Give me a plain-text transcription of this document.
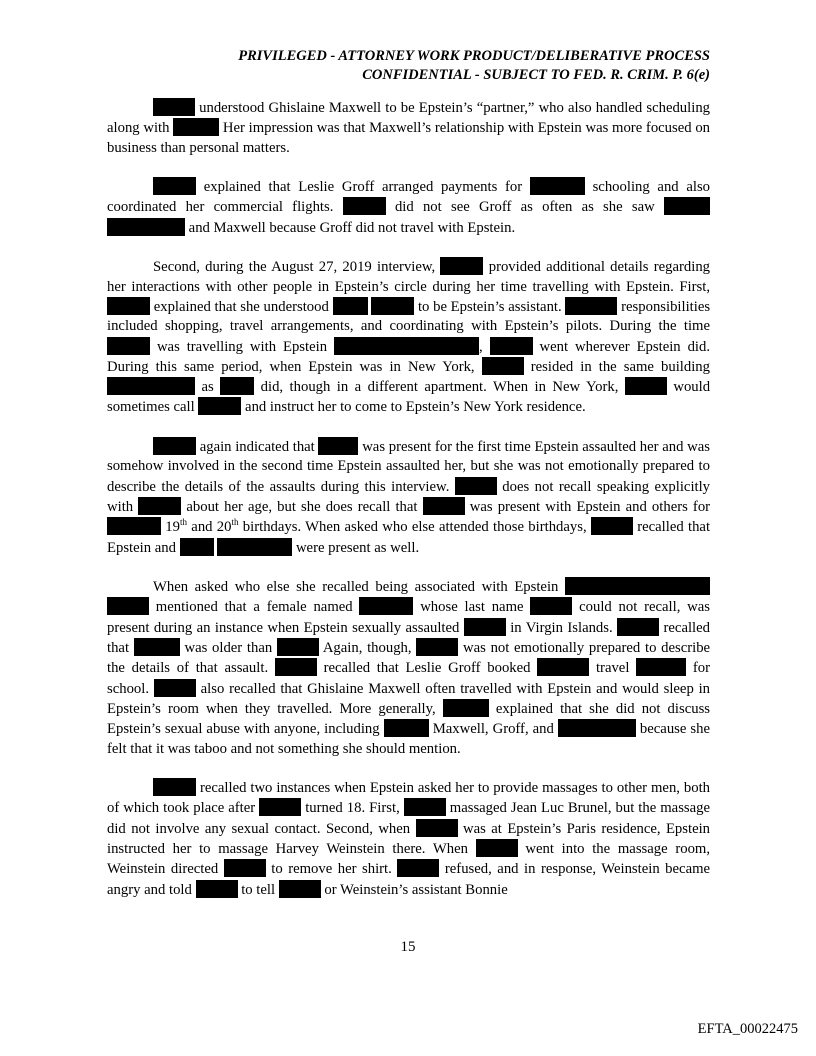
PRIVILEGED - ATTORNEY WORK PRODUCT/DELIBERATIVE PROCESS
CONFIDENTIAL - SUBJECT TO FED. R. CRIM. P. 6(e)

understood Ghislaine Maxwell to be Epstein’s “partner,” who also handled scheduling along with	Her impression was that Maxwell’s relationship with Epstein was more focused on business than personal matters.

explained that Leslie Groff arranged payments for	schooling and also coordinated her commercial flights.	did not see Groff as often as she saw   and Maxwell because Groff did not travel with Epstein.

Second, during the August 27, 2019 interview,	provided additional details regarding her interactions with other people in Epstein’s circle during her time travelling with Epstein. First,  explained that she understood	to be Epstein’s assistant.	responsibilities included shopping, travel arrangements, and coordinating with Epstein’s pilots. During the time  was travelling with Epstein	,	went wherever Epstein did. During this same period, when Epstein was in New York,	resided in the same building  as	did, though in a different apartment. When in New York,	would sometimes call	and instruct her to come to Epstein’s New York residence.

again indicated that	was present for the first time Epstein assaulted her and was somehow involved in the second time Epstein assaulted her, but she was not emotionally prepared to describe the details of the assaults during this interview.	does not recall speaking explicitly with	about her age, but she does recall that	was present with Epstein and others for  19th and 20th birthdays. When asked who else attended those birthdays,	recalled that Epstein and	were present as well.

When asked who else she recalled being associated with Epstein   mentioned that a female named	whose last name	could not recall, was present during an instance when Epstein sexually assaulted	in Virgin Islands.	recalled that	was older than	Again, though,	was not emotionally prepared to describe the details of that assault.	recalled that Leslie Groff booked	travel	for school.	also recalled that Ghislaine Maxwell often travelled with Epstein and would sleep in Epstein’s room when they travelled. More generally,	explained that she did not discuss Epstein’s sexual abuse with anyone, including	Maxwell, Groff, and	because she felt that it was taboo and not something she should mention.

recalled two instances when Epstein asked her to provide massages to other men, both of which took place after	turned 18. First,	massaged Jean Luc Brunel, but the massage did not involve any sexual contact. Second, when	was at Epstein’s Paris residence, Epstein instructed her to massage Harvey Weinstein there. When	went into the massage room, Weinstein directed	to remove her shirt.	refused, and in response, Weinstein became angry and told	to tell	or Weinstein’s assistant Bonnie

15
EFTA_00022475
